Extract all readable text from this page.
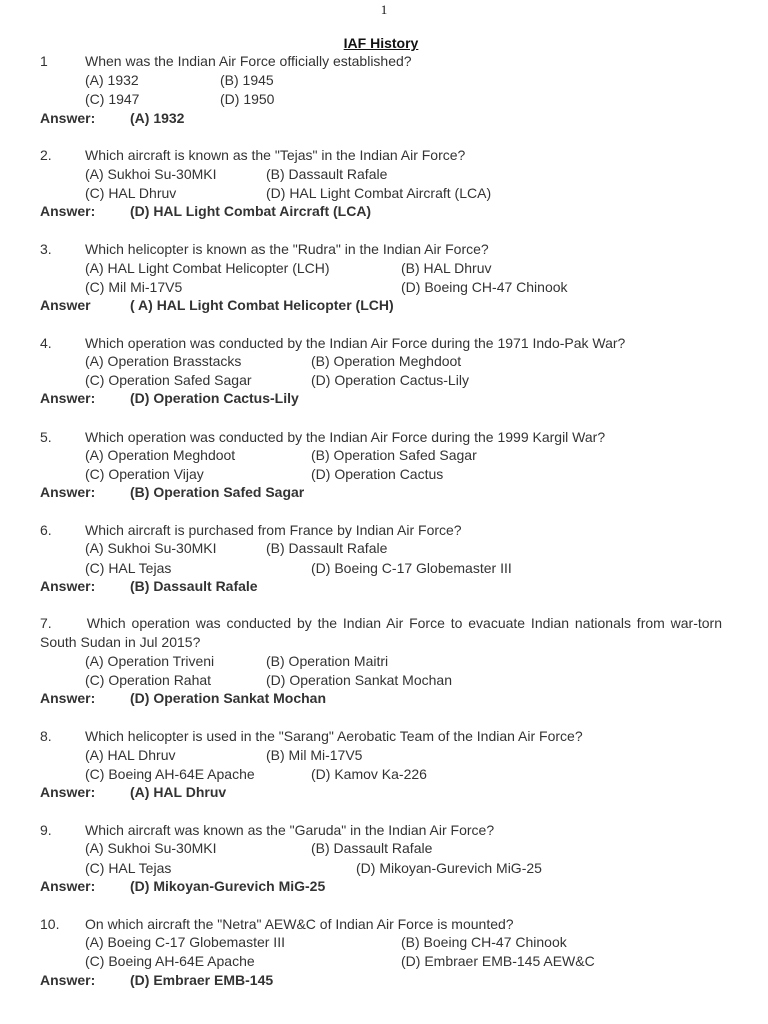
1
IAF History
1	When was the Indian Air Force officially established?
(A) 1932	(B) 1945
(C) 1947	(D) 1950
Answer: (A) 1932
2. Which aircraft is known as the "Tejas" in the Indian Air Force?
(A) Sukhoi Su-30MKI	(B) Dassault Rafale
(C) HAL Dhruv	(D) HAL Light Combat Aircraft (LCA)
Answer: (D) HAL Light Combat Aircraft (LCA)
3. Which helicopter is known as the "Rudra" in the Indian Air Force?
(A) HAL Light Combat Helicopter (LCH)	(B) HAL Dhruv
(C) Mil Mi-17V5	(D) Boeing CH-47 Chinook
Answer	( A) HAL Light Combat Helicopter (LCH)
4. Which operation was conducted by the Indian Air Force during the 1971 Indo-Pak War?
(A) Operation Brasstacks	(B) Operation Meghdoot
(C) Operation Safed Sagar	(D) Operation Cactus-Lily
Answer: (D) Operation Cactus-Lily
5. Which operation was conducted by the Indian Air Force during the 1999 Kargil War?
(A) Operation Meghdoot	(B) Operation Safed Sagar
(C) Operation Vijay	(D) Operation Cactus
Answer: (B) Operation Safed Sagar
6. Which aircraft is purchased from France by Indian Air Force?
(A) Sukhoi Su-30MKI	(B) Dassault Rafale
(C) HAL Tejas	(D) Boeing C-17 Globemaster III
Answer: (B) Dassault Rafale
7.	Which operation was conducted by the Indian Air Force to evacuate Indian nationals from war-torn South Sudan in Jul 2015?
(A) Operation Triveni	(B) Operation Maitri
(C) Operation Rahat	(D) Operation Sankat Mochan
Answer: (D) Operation Sankat Mochan
8. Which helicopter is used in the "Sarang" Aerobatic Team of the Indian Air Force?
(A) HAL Dhruv	(B) Mil Mi-17V5
(C) Boeing AH-64E Apache	(D) Kamov Ka-226
Answer: (A) HAL Dhruv
9. Which aircraft was known as the "Garuda" in the Indian Air Force?
(A) Sukhoi Su-30MKI	(B) Dassault Rafale
(C) HAL Tejas	(D) Mikoyan-Gurevich MiG-25
Answer: (D) Mikoyan-Gurevich MiG-25
10. On which aircraft the "Netra" AEW&C of Indian Air Force is mounted?
(A) Boeing C-17 Globemaster III	(B) Boeing CH-47 Chinook
(C) Boeing AH-64E Apache	(D) Embraer EMB-145 AEW&C
Answer: (D) Embraer EMB-145
